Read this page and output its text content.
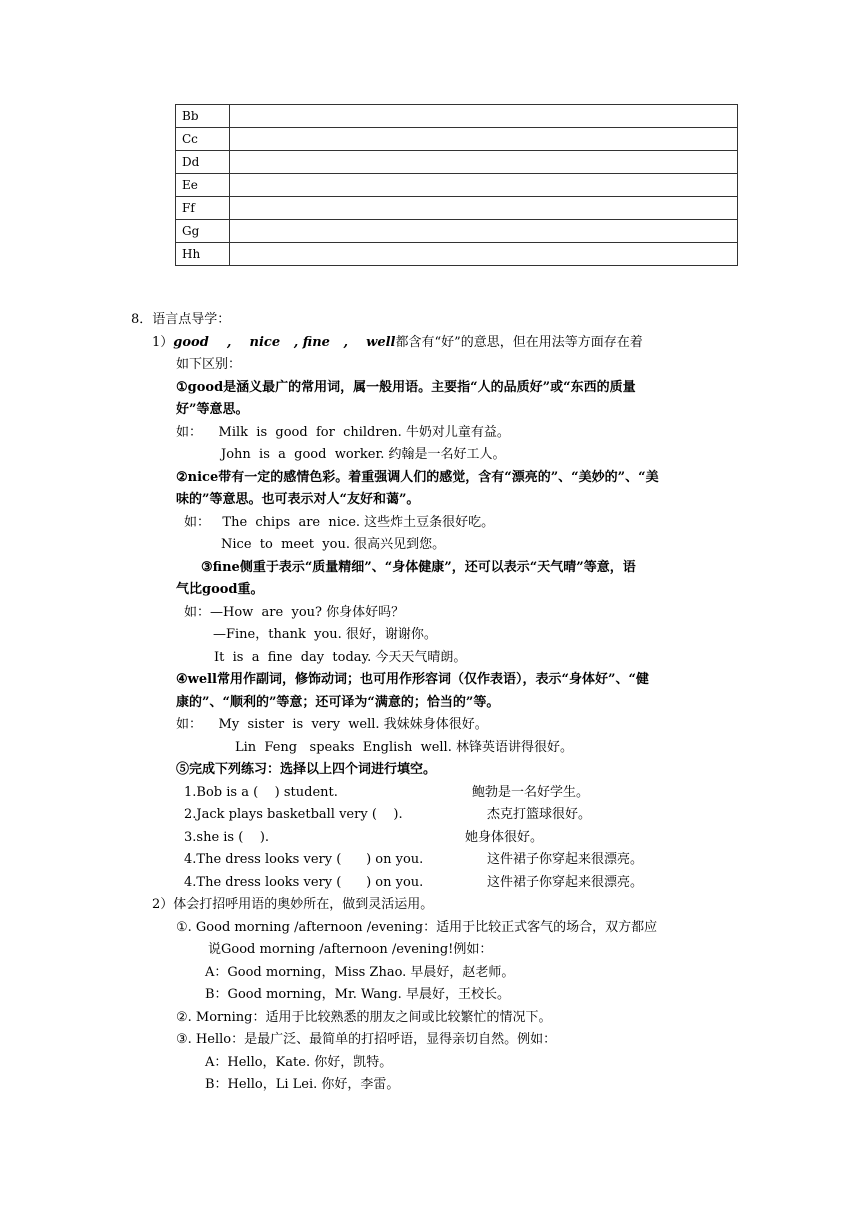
Bb	
Cc	
Dd	
Ee	
Ff	
Gg	
Hh	
8．语言点导学：
1）good    ,    nice   , fine   ,    well都含有“好”的意思，但在用法等方面存在着
如下区别：
①good是涵义最广的常用词，属一般用语。主要指“人的品质好”或“东西的质量
好”等意思。
如：    Milk  is  good  for  children. 牛奶对儿童有益。
John  is  a  good  worker. 约翰是一名好工人。
②nice带有一定的感情色彩。着重强调人们的感觉，含有“漂亮的”、“美妙的”、“美
味的”等意思。也可表示对人“友好和蔼”。
如：   The  chips  are  nice. 这些炸土豆条很好吃。
Nice  to  meet  you. 很高兴见到您。
③fine侧重于表示“质量精细”、“身体健康”，还可以表示“天气晴”等意，语
气比good重。
如：—How  are  you? 你身体好吗？
—Fine，thank  you. 很好，谢谢你。
It  is  a  fine  day  today. 今天天气晴朗。
④well常用作副词，修饰动词；也可用作形容词（仅作表语），表示“身体好”、“健
康的”、“顺利的”等意；还可译为“满意的；恰当的”等。
如：    My  sister  is  very  well. 我妹妹身体很好。
Lin  Feng   speaks  English  well. 林锋英语讲得很好。
⑤完成下列练习：选择以上四个词进行填空。
1.Bob is a (    ) student.	鲍勃是一名好学生。
2.Jack plays basketball very (    ).	杰克打篮球很好。
3.she is (    ).	她身体很好。
4.The dress looks very (      ) on you.	这件裙子你穿起来很漂亮。
4.The dress looks very (      ) on you.	这件裙子你穿起来很漂亮。
2）体会打招呼用语的奥妙所在，做到灵活运用。
①. Good morning /afternoon /evening：适用于比较正式客气的场合，双方都应
说Good morning /afternoon /evening!例如：
A：Good morning，Miss Zhao. 早晨好，赵老师。
B：Good morning，Mr. Wang. 早晨好，王校长。
②. Morning：适用于比较熟悉的朋友之间或比较繁忙的情况下。
③. Hello：是最广泛、最简单的打招呼语，显得亲切自然。例如：
A：Hello，Kate. 你好，凯特。
B：Hello，Li Lei. 你好，李雷。
